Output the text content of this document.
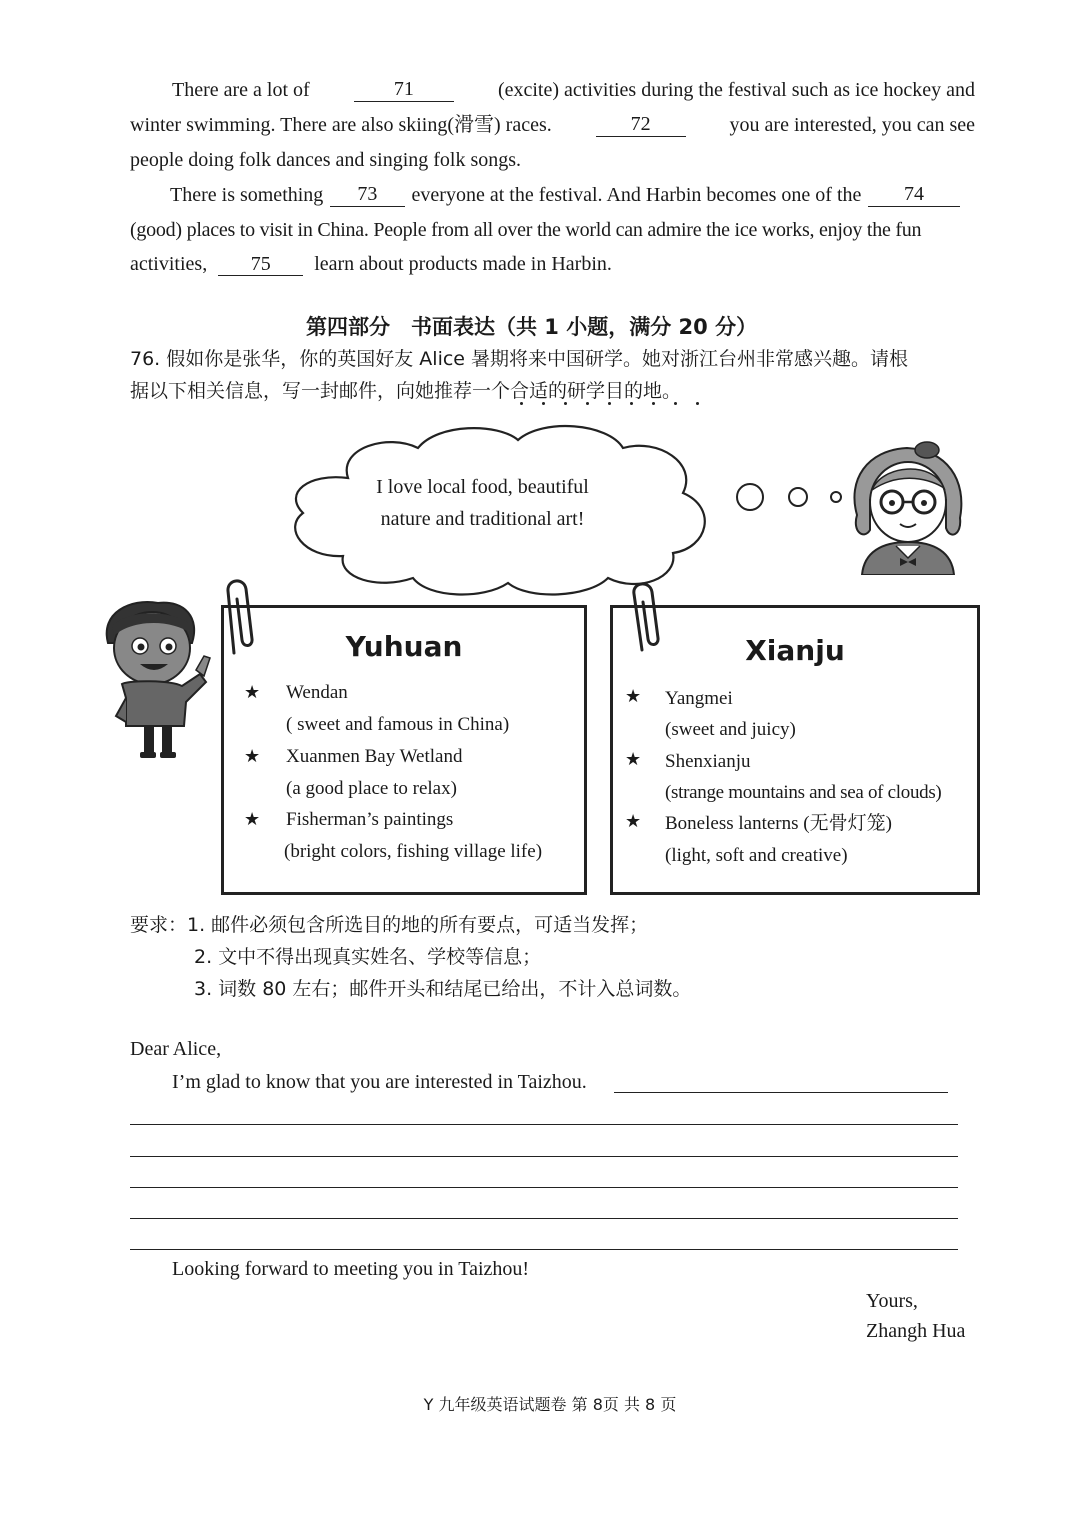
There are a lot of	71	(excite) activities during the festival such as ice hockey and
winter swimming. There are also skiing(滑雪) races.	72	you are interested, you can see
people doing folk dances and singing folk songs.
There is something	73	everyone at the festival. And Harbin becomes one of the	74
(good) places to visit in China. People from all over the world can admire the ice works, enjoy the fun
activities, 75 learn about products made in Harbin.
第四部分　书面表达（共 1 小题，满分 20 分）
76. 假如你是张华，你的英国好友 Alice 暑期将来中国研学。她对浙江台州非常感兴趣。请根
据以下相关信息，写一封邮件，向她推荐一个合适的研学目的地。
I love local food, beautiful
nature and traditional art!
Yuhuan
★ Wendan
( sweet and famous in China)
★ Xuanmen Bay Wetland
(a good place to relax)
★ Fisherman’s paintings
(bright colors, fishing village life)
Xianju
★ Yangmei
(sweet and juicy)
★ Shenxianju
(strange mountains and sea of clouds)
★ Boneless lanterns (无骨灯笼)
(light, soft and creative)
要求：1. 邮件必须包含所选目的地的所有要点，可适当发挥；
2. 文中不得出现真实姓名、学校等信息；
3. 词数 80 左右；邮件开头和结尾已给出，不计入总词数。
Dear Alice,
I’m glad to know that you are interested in Taizhou.
Looking forward to meeting you in Taizhou!
Yours,
Zhangh Hua
Y 九年级英语试题卷 第 8页 共 8 页
